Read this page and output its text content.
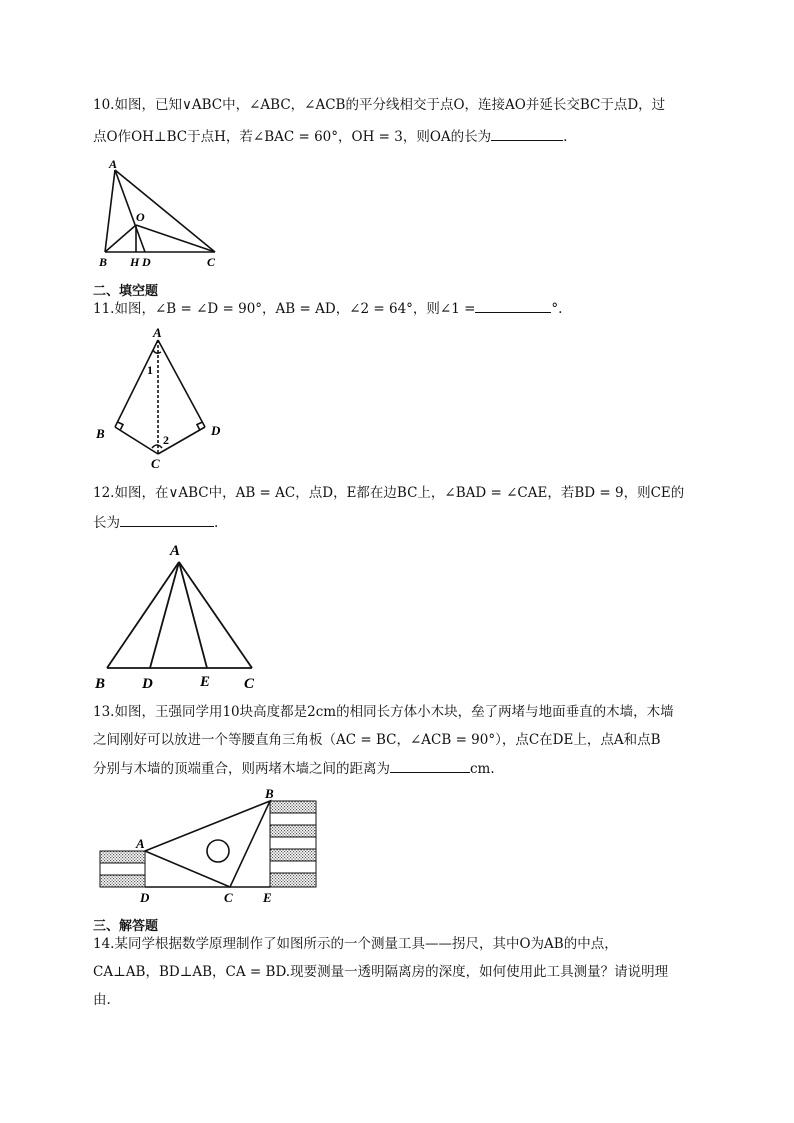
10.如图，已知∨ABC中，∠ABC，∠ACB的平分线相交于点O，连接AO并延长交BC于点D，过
点O作OH⊥BC于点H，若∠BAC = 60°，OH = 3，则OA的长为	.
A
B	C
O
H D
二、填空题
11.如图，∠B = ∠D = 90°，AB = AD，∠2 = 64°，则∠1 =	°.
A
B
C
D
1
2
12.如图，在∨ABC中，AB = AC，点D，E都在边BC上，∠BAD = ∠CAE，若BD = 9，则CE的
长为	.
A
B D	E C
13.如图，王强同学用10块高度都是2cm的相同长方体小木块，垒了两堵与地面垂直的木墙，木墙
之间刚好可以放进一个等腰直角三角板（AC = BC，∠ACB = 90°），点C在DE上，点A和点B
分别与木墙的顶端重合，则两堵木墙之间的距离为	cm.
A
B
C
D	E
三、解答题
14.某同学根据数学原理制作了如图所示的一个测量工具——拐尺，其中O为AB的中点，
CA⊥AB，BD⊥AB，CA = BD.现要测量一透明隔离房的深度，如何使用此工具测量？请说明理
由.
